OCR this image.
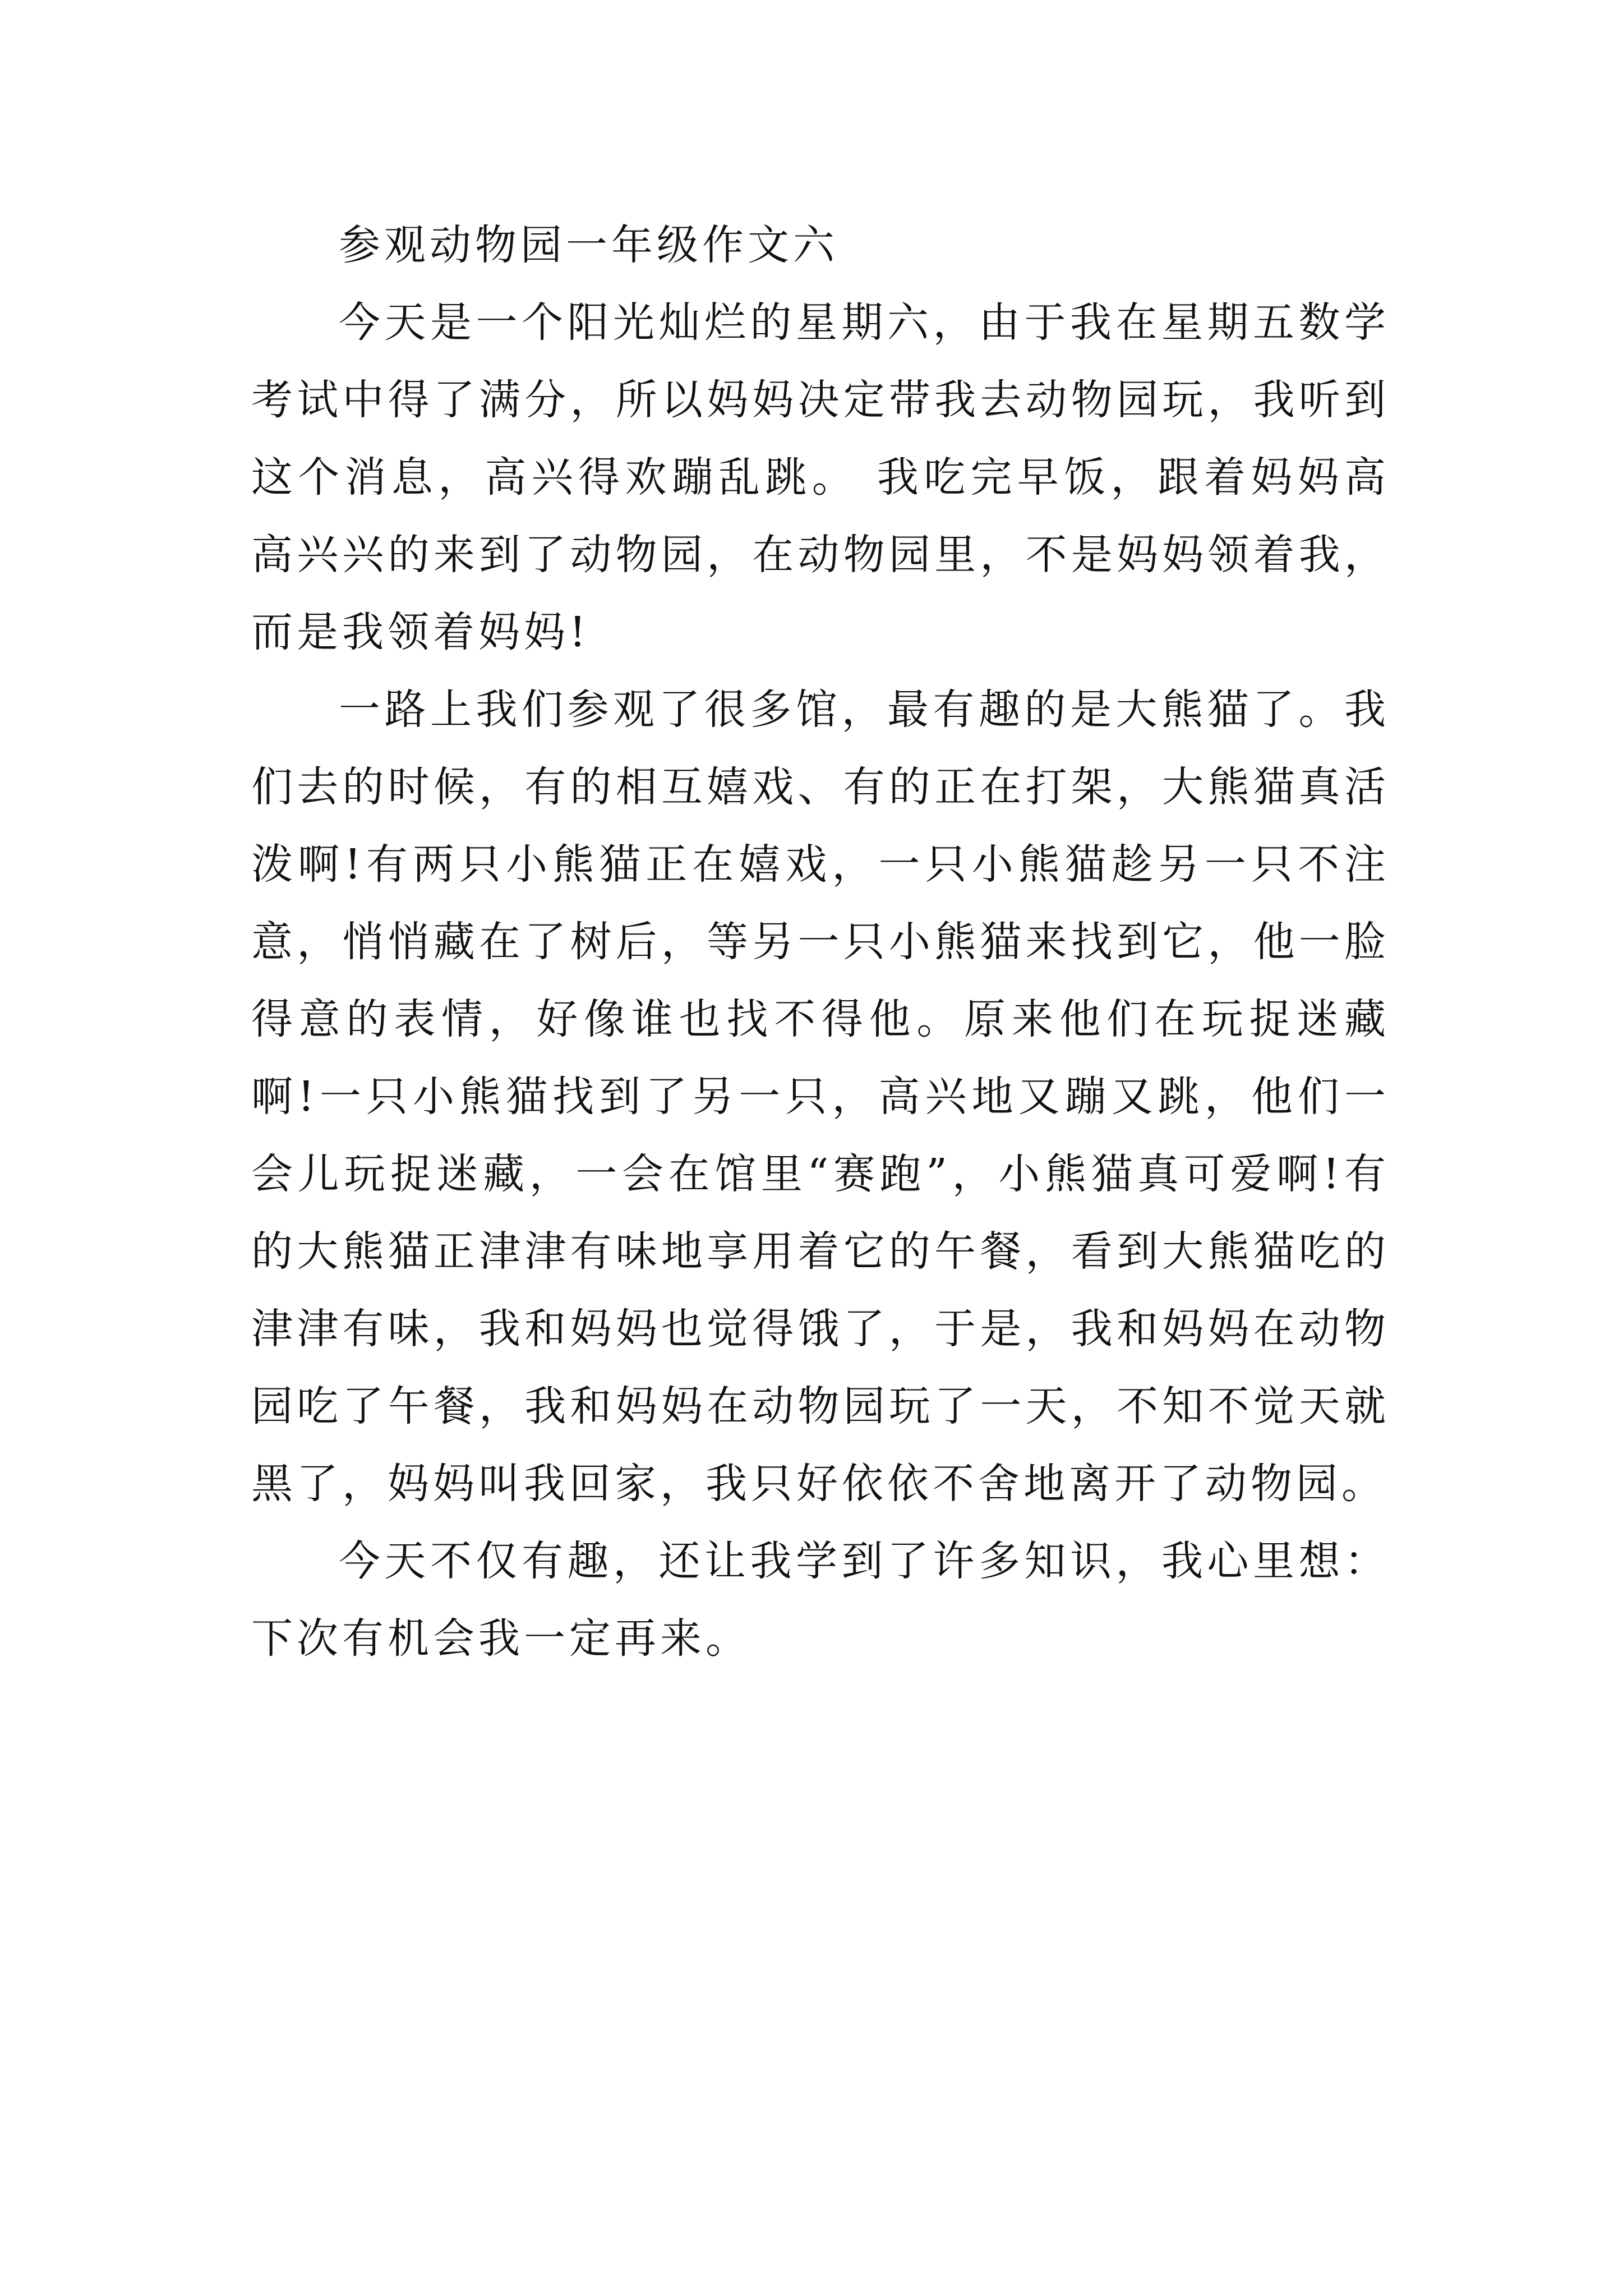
参观动物园一年级作文六

今天是一个阳光灿烂的星期六，由于我在星期五数学考试中得了满分，所以妈妈决定带我去动物园玩，我听到这个消息，高兴得欢蹦乱跳。 我吃完早饭，跟着妈妈高高兴兴的来到了动物园，在动物园里，不是妈妈领着我，而是我领着妈妈!

一路上我们参观了很多馆，最有趣的是大熊猫了。我们去的时候，有的相互嬉戏、有的正在打架，大熊猫真活泼啊!有两只小熊猫正在嬉戏，一只小熊猫趁另一只不注意，悄悄藏在了树后，等另一只小熊猫来找到它，他一脸得意的表情，好像谁也找不得他。原来他们在玩捉迷藏啊!一只小熊猫找到了另一只，高兴地又蹦又跳，他们一会儿玩捉迷藏，一会在馆里“赛跑”，小熊猫真可爱啊!有的大熊猫正津津有味地享用着它的午餐，看到大熊猫吃的津津有味，我和妈妈也觉得饿了，于是，我和妈妈在动物园吃了午餐，我和妈妈在动物园玩了一天，不知不觉天就黑了，妈妈叫我回家，我只好依依不舍地离开了动物园。

今天不仅有趣，还让我学到了许多知识，我心里想：下次有机会我一定再来。
